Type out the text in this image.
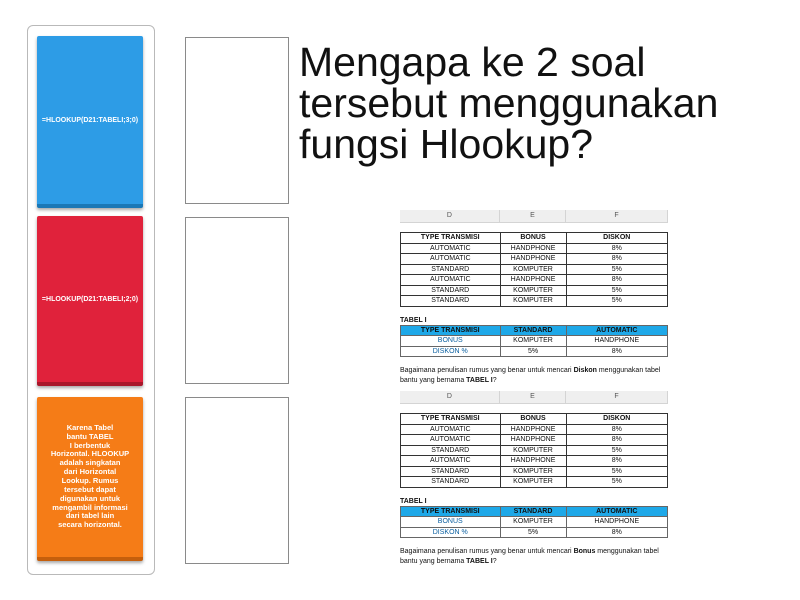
=HLOOKUP(D21:TABELI;3;0)
=HLOOKUP(D21:TABELI;2;0)
Karena Tabel
bantu TABEL
I berbentuk
Horizontal. HLOOKUP
adalah singkatan
dari Horizontal
Lookup. Rumus
tersebut dapat
digunakan untuk
mengambil informasi
dari tabel lain
secara horizontal.
Mengapa ke 2 soal tersebut menggunakan fungsi Hlookup?
D	E	F
TYPE TRANSMISI	BONUS	DISKON
AUTOMATIC	HANDPHONE	8%
AUTOMATIC	HANDPHONE	8%
STANDARD	KOMPUTER	5%
AUTOMATIC	HANDPHONE	8%
STANDARD	KOMPUTER	5%
STANDARD	KOMPUTER	5%
TABEL I
TYPE TRANSMISI	STANDARD	AUTOMATIC
BONUS	KOMPUTER	HANDPHONE
DISKON %	5%	8%
Bagaimana penulisan rumus yang benar untuk mencari Diskon menggunakan tabel bantu yang bernama TABEL I?
D	E	F
TYPE TRANSMISI	BONUS	DISKON
AUTOMATIC	HANDPHONE	8%
AUTOMATIC	HANDPHONE	8%
STANDARD	KOMPUTER	5%
AUTOMATIC	HANDPHONE	8%
STANDARD	KOMPUTER	5%
STANDARD	KOMPUTER	5%
TABEL I
TYPE TRANSMISI	STANDARD	AUTOMATIC
BONUS	KOMPUTER	HANDPHONE
DISKON %	5%	8%
Bagaimana penulisan rumus yang benar untuk mencari Bonus menggunakan tabel bantu yang bernama TABEL I?
